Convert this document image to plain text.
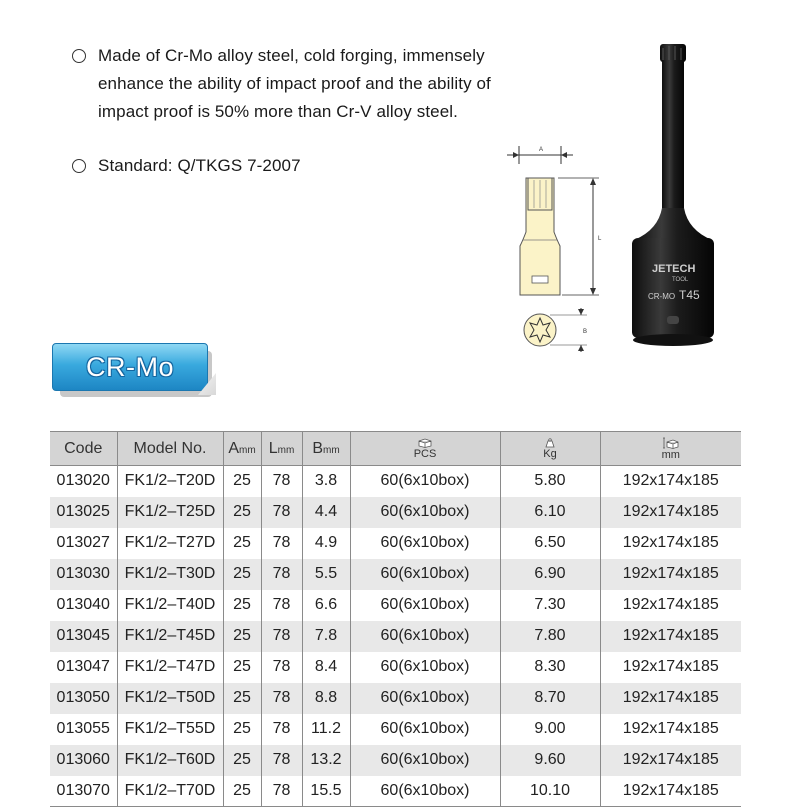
Made of Cr-Mo alloy steel, cold forging, immensely
enhance the ability of impact proof and the ability of
impact proof is 50% more than Cr-V alloy steel.
Standard: Q/TKGS 7-2007
A
L
B
JETECH
TOOL
CR-MO T45
CR-Mo
Code	Model No.	Amm	Lmm	Bmm	PCS	Kg	mm

013020	FK1/2–T20D	25	78	3.8	60(6x10box)	5.80	192x174x185
013025	FK1/2–T25D	25	78	4.4	60(6x10box)	6.10	192x174x185
013027	FK1/2–T27D	25	78	4.9	60(6x10box)	6.50	192x174x185
013030	FK1/2–T30D	25	78	5.5	60(6x10box)	6.90	192x174x185
013040	FK1/2–T40D	25	78	6.6	60(6x10box)	7.30	192x174x185
013045	FK1/2–T45D	25	78	7.8	60(6x10box)	7.80	192x174x185
013047	FK1/2–T47D	25	78	8.4	60(6x10box)	8.30	192x174x185
013050	FK1/2–T50D	25	78	8.8	60(6x10box)	8.70	192x174x185
013055	FK1/2–T55D	25	78	11.2	60(6x10box)	9.00	192x174x185
013060	FK1/2–T60D	25	78	13.2	60(6x10box)	9.60	192x174x185
013070	FK1/2–T70D	25	78	15.5	60(6x10box)	10.10	192x174x185
